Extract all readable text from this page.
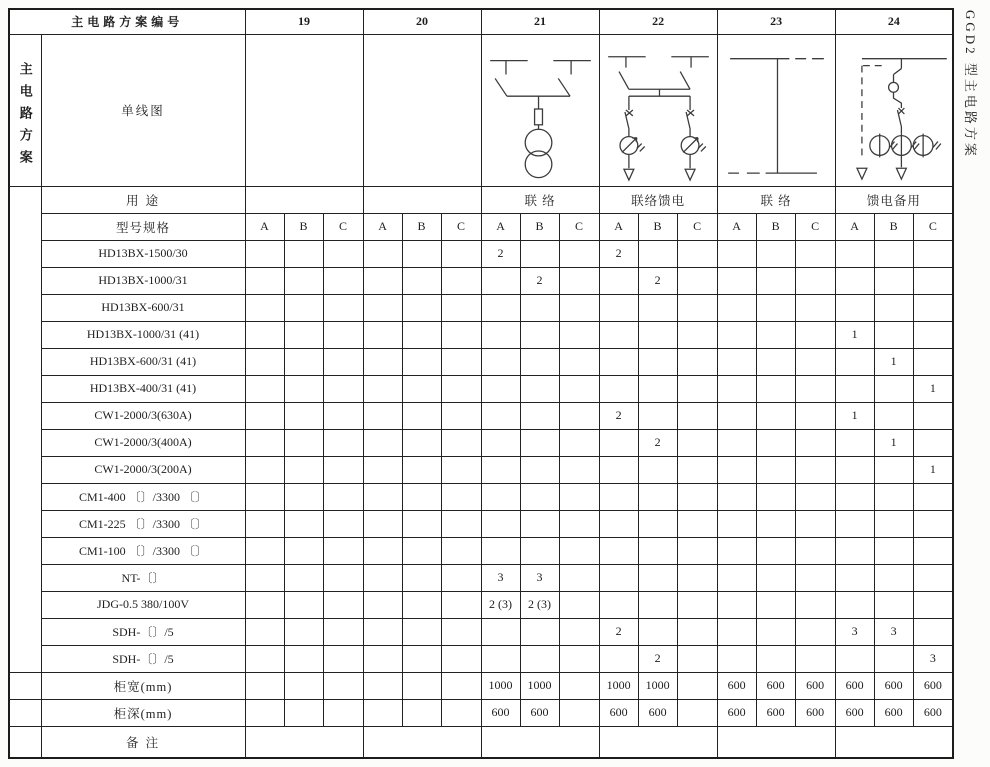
主电路方案编号		19			20			21			22			23			24		

主电路方案	单线图			

	用 途							联 络			联络馈电			联 络			馈电备用		
	型号规格	A	B	C	A	B	C	A	B	C	A	B	C	A	B	C	A	B	C
	HD13BX-1500/30							2			2								
	HD13BX-1000/31								2			2							
	HD13BX-600/31																		
	HD13BX-1000/31 (41)																1		
	HD13BX-600/31 (41)																	1	
	HD13BX-400/31 (41)																		1
	CW1-2000/3(630A)										2						1		
	CW1-2000/3(400A)											2						1	
	CW1-2000/3(200A)																		1
	CM1-400 〔〕/3300 〔〕																		
	CM1-225 〔〕/3300 〔〕																		
	CM1-100 〔〕/3300 〔〕																		
	NT-〔〕							3	3										
	JDG-0.5 380/100V							2 (3)	2 (3)										
	SDH-〔〕/5										2						3	3	
	SDH-〔〕/5											2							3
	柜宽(mm)							1000	1000		1000	1000		600	600	600	600	600	600
	柜深(mm)							600	600		600	600		600	600	600	600	600	600
	备 注																		
GGD2 型主电路方案
